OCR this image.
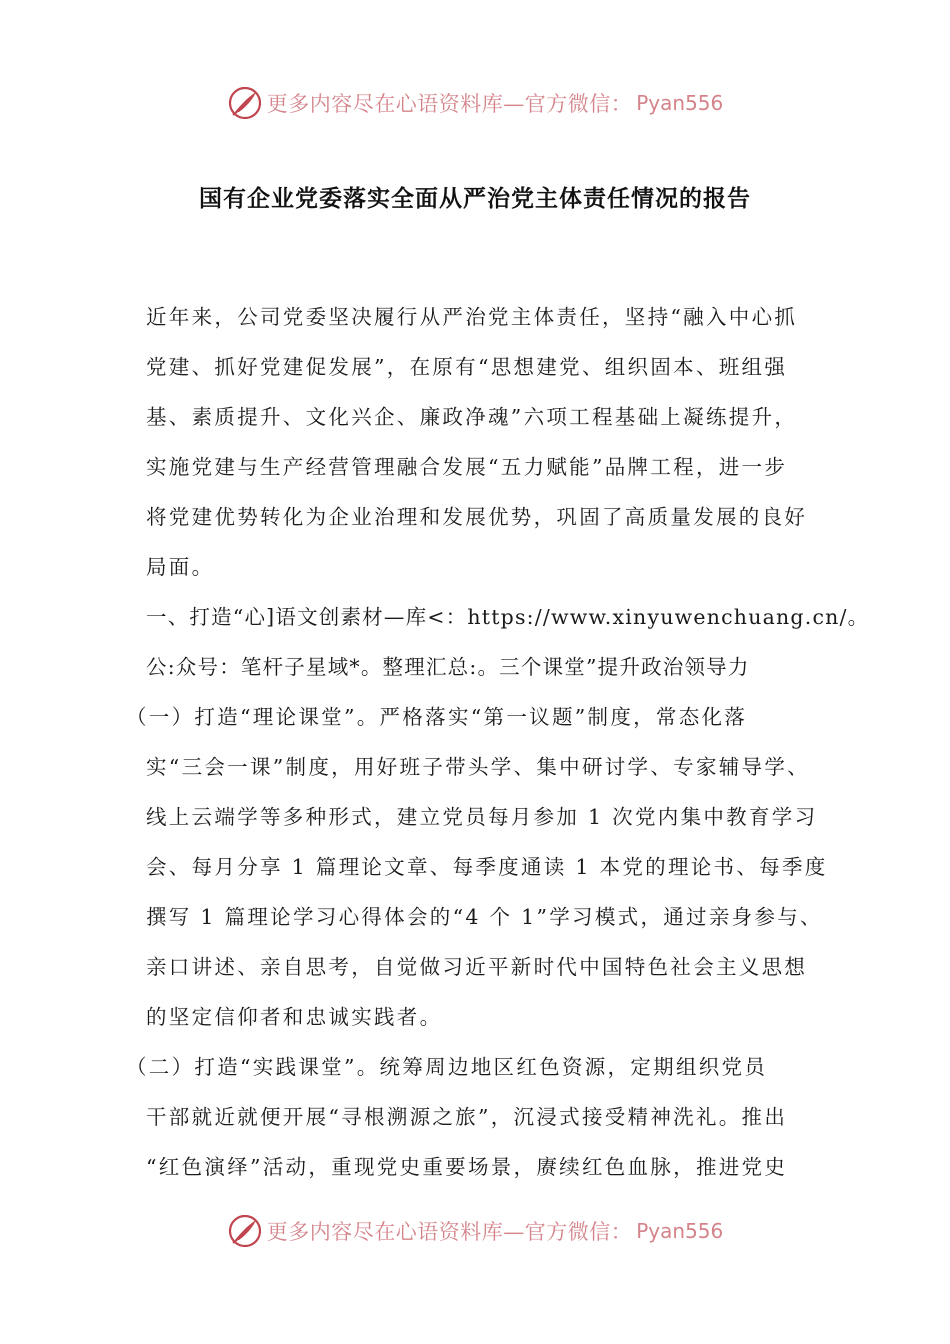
更多内容尽在心语资料库—官方微信： Pyan556
国有企业党委落实全面从严治党主体责任情况的报告
近年来，公司党委坚决履行从严治党主体责任，坚持“融入中心抓
党建、抓好党建促发展”，在原有“思想建党、组织固本、班组强
基、素质提升、文化兴企、廉政净魂”六项工程基础上凝练提升，
实施党建与生产经营管理融合发展“五力赋能”品牌工程，进一步
将党建优势转化为企业治理和发展优势，巩固了高质量发展的良好
局面。
一、打造“心]语文创素材—库<：https://www.xinyuwenchuang.cn/。
公:众号：笔杆子星域*。整理汇总:。三个课堂”提升政治领导力
（一）打造“理论课堂”。严格落实“第一议题”制度，常态化落
实“三会一课”制度，用好班子带头学、集中研讨学、专家辅导学、
线上云端学等多种形式，建立党员每月参加 1 次党内集中教育学习
会、每月分享 1 篇理论文章、每季度通读 1 本党的理论书、每季度
撰写 1 篇理论学习心得体会的“4 个 1”学习模式，通过亲身参与、
亲口讲述、亲自思考，自觉做习近平新时代中国特色社会主义思想
的坚定信仰者和忠诚实践者。
（二）打造“实践课堂”。统筹周边地区红色资源，定期组织党员
干部就近就便开展“寻根溯源之旅”，沉浸式接受精神洗礼。推出
“红色演绎”活动，重现党史重要场景，赓续红色血脉，推进党史
更多内容尽在心语资料库—官方微信： Pyan556
